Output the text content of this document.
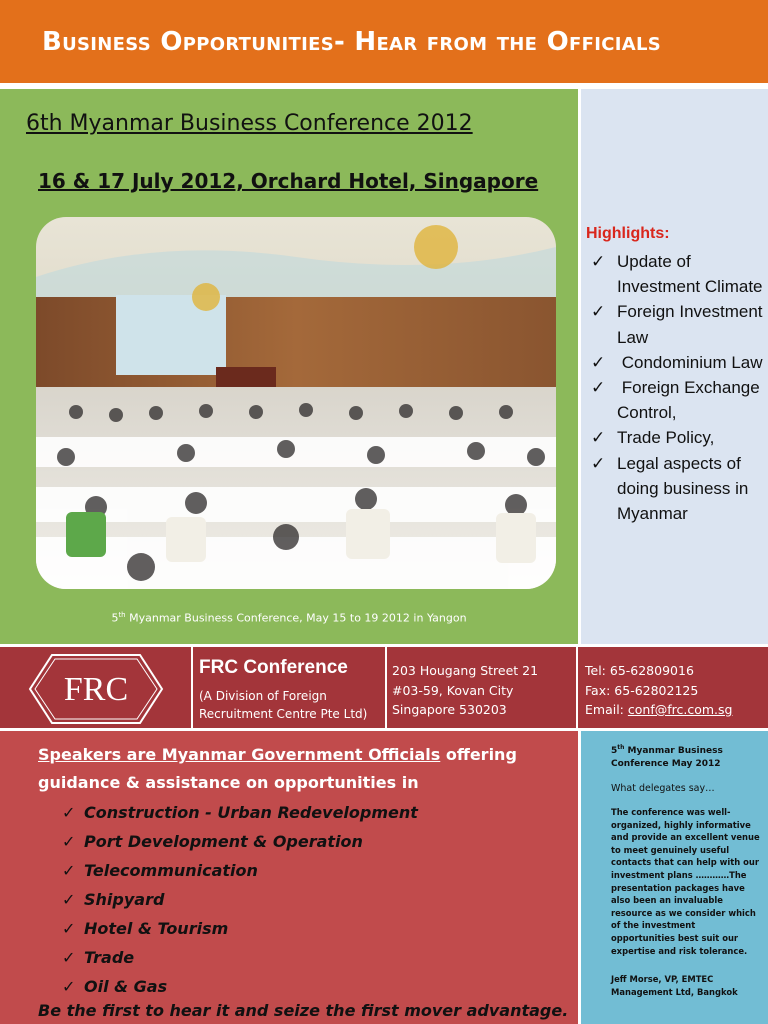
Business Opportunities- Hear from the Officials
6th Myanmar Business Conference 2012
16 & 17 July 2012, Orchard Hotel, Singapore
5th Myanmar Business Conference, May 15 to 19 2012 in Yangon
Highlights:
✓ Update of Investment Climate
✓ Foreign Investment Law
✓ Condominium Law
✓ Foreign Exchange Control,
✓ Trade Policy,
✓ Legal aspects of doing business in Myanmar
FRC
FRC Conference
(A Division of Foreign Recruitment Centre Pte Ltd)
203 Hougang Street 21
#03-59, Kovan City
Singapore 530203
Tel: 65-62809016
Fax: 65-62802125
Email: conf@frc.com.sg
Speakers are Myanmar Government Officials offering guidance & assistance on opportunities in
✓ Construction - Urban Redevelopment
✓ Port Development & Operation
✓ Telecommunication
✓ Shipyard
✓ Hotel & Tourism
✓ Trade
✓ Oil & Gas
Be the first to hear it and seize the first mover advantage.
5th Myanmar Business Conference May 2012
What delegates say…
The conference was well-organized, highly informative and provide an excellent venue to meet genuinely useful contacts that can help with our investment plans …………The presentation packages have also been an invaluable resource as we consider which of the investment opportunities best suit our expertise and risk tolerance.
Jeff Morse, VP, EMTEC Management Ltd, Bangkok
